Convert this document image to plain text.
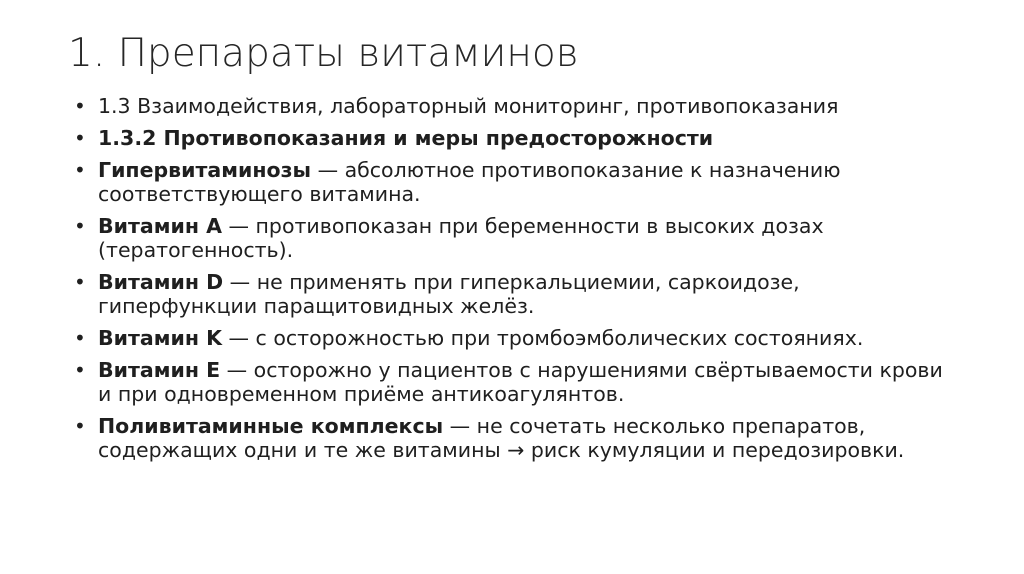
1. Препараты витаминов
• 1.3 Взаимодействия, лабораторный мониторинг, противопоказания
• 1.3.2 Противопоказания и меры предосторожности
• Гипервитаминозы — абсолютное противопоказание к назначению соответствующего витамина.
• Витамин A — противопоказан при беременности в высоких дозах (тератогенность).
• Витамин D — не применять при гиперкальциемии, саркоидозе, гиперфункции паращитовидных желёз.
• Витамин K — с осторожностью при тромбоэмболических состояниях.
• Витамин E — осторожно у пациентов с нарушениями свёртываемости крови и при одновременном приёме антикоагулянтов.
• Поливитаминные комплексы — не сочетать несколько препаратов, содержащих одни и те же витамины → риск кумуляции и передозировки.
